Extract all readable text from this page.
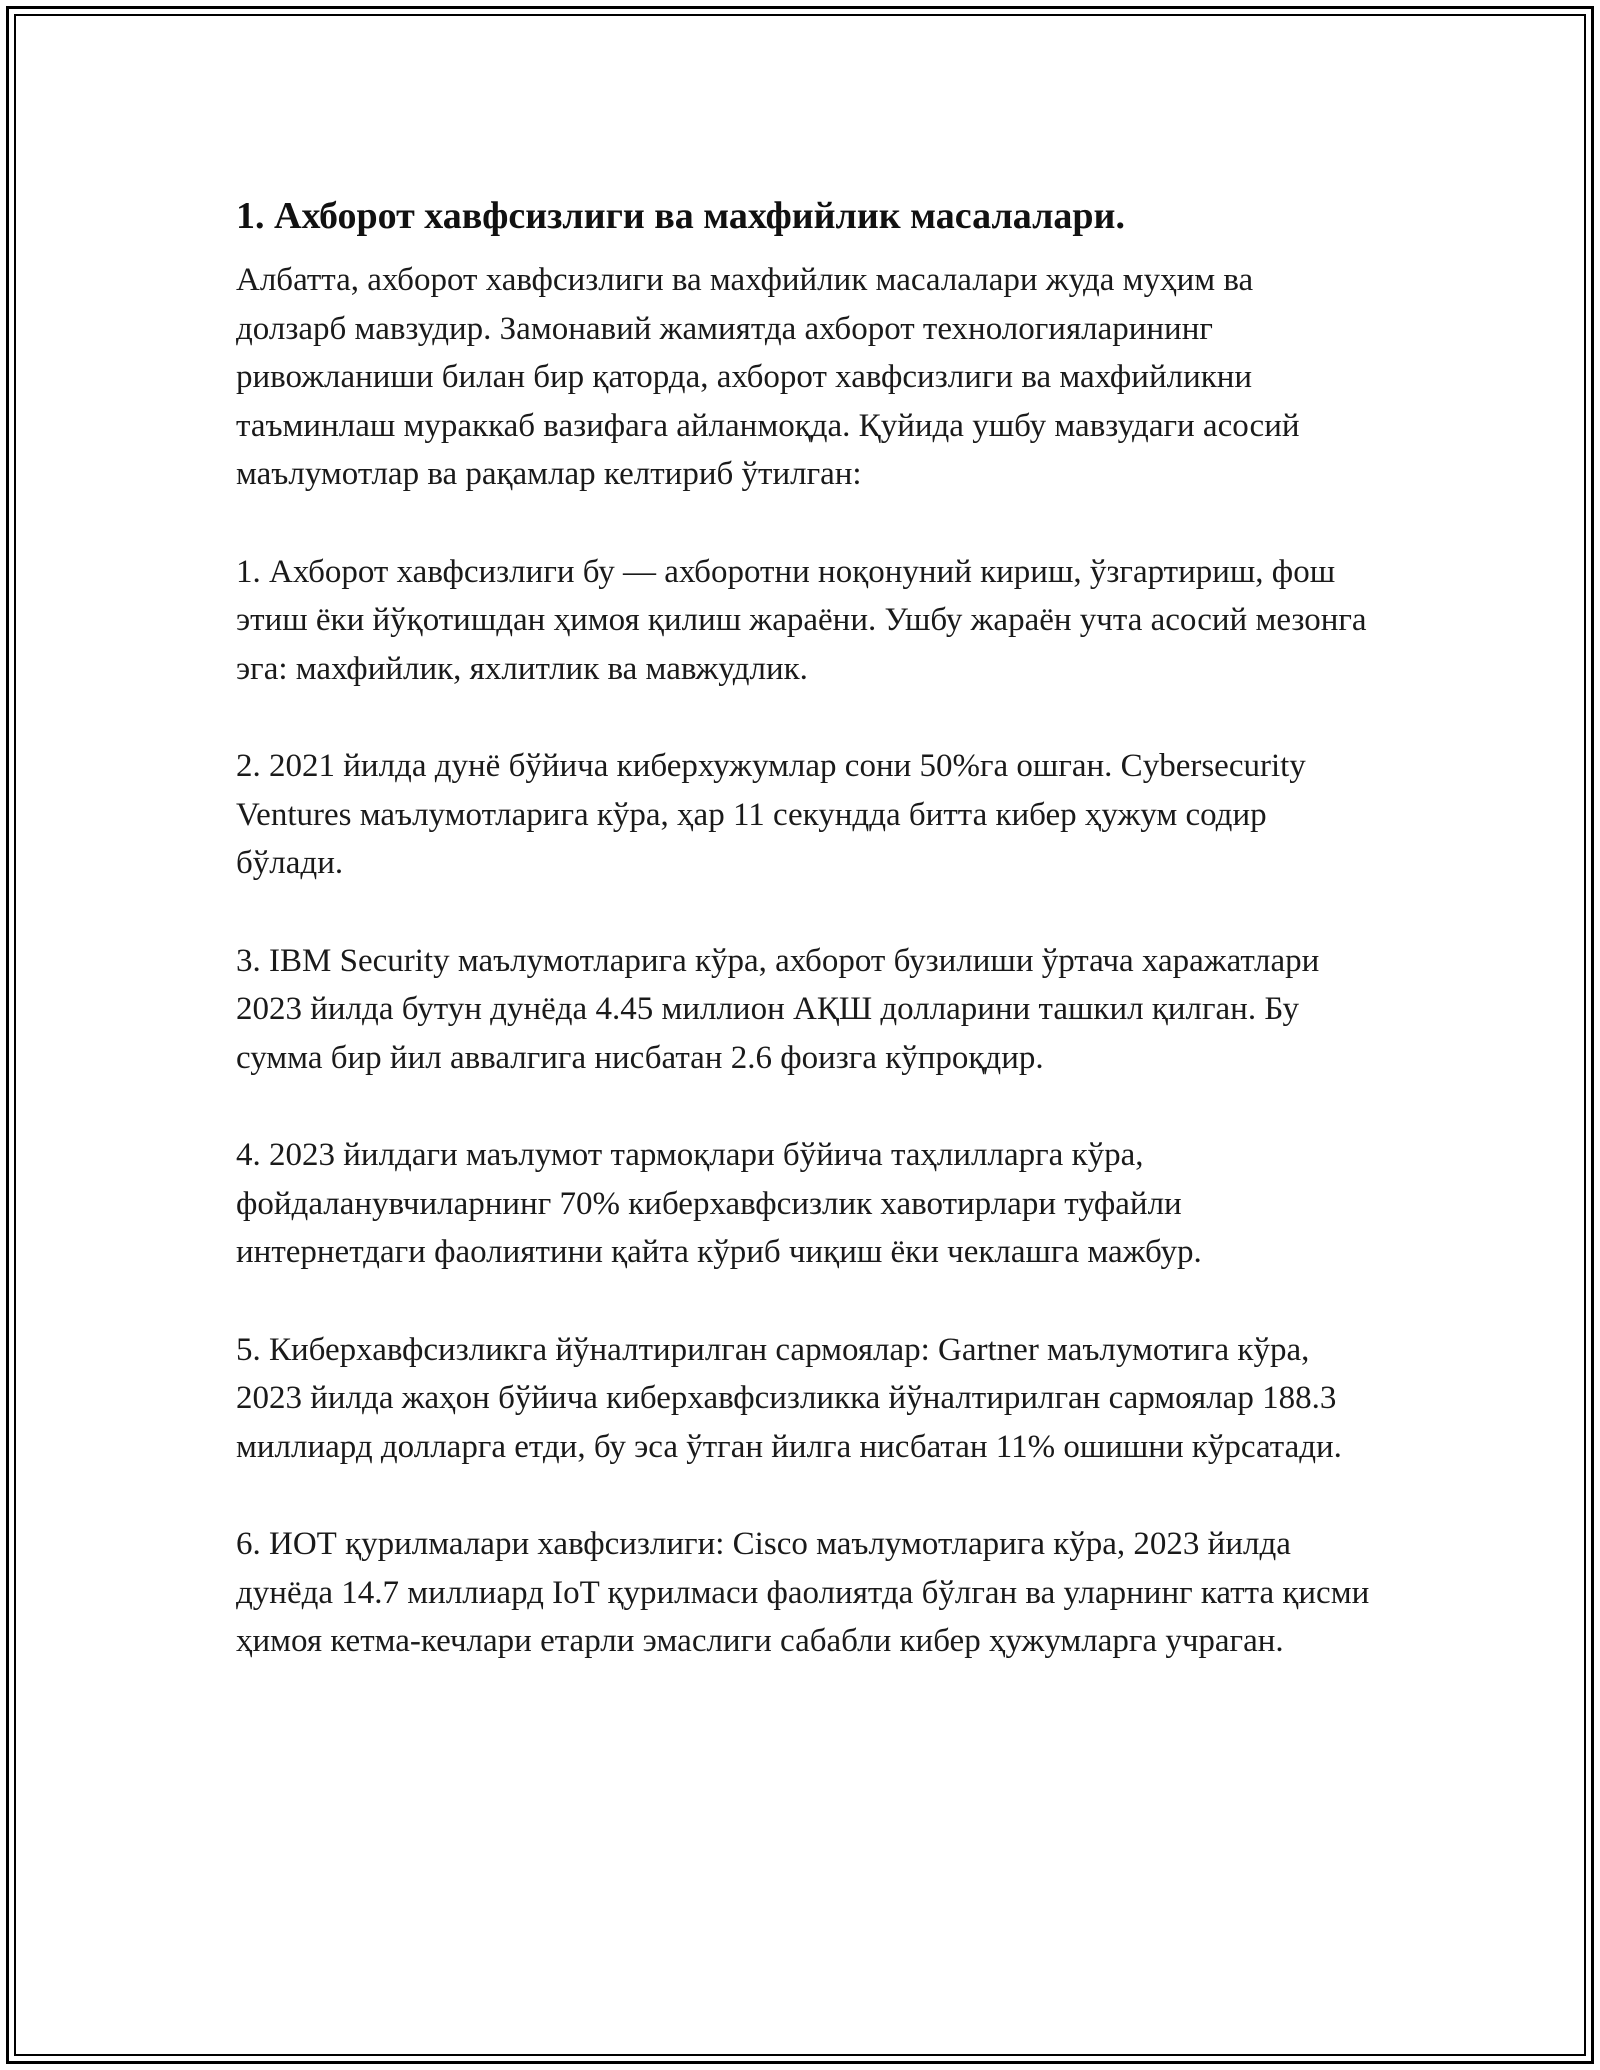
1. Ахборот хавфсизлиги ва махфийлик масалалари.

Албатта, ахборот хавфсизлиги ва махфийлик масалалари жуда муҳим ва долзарб мавзудир. Замонавий жамиятда ахборот технологияларининг ривожланиши билан бир қаторда, ахборот хавфсизлиги ва махфийликни таъминлаш мураккаб вазифага айланмоқда. Қуйида ушбу мавзудаги асосий маълумотлар ва рақамлар келтириб ўтилган:

1. Ахборот хавфсизлиги бу — ахборотни ноқонуний кириш, ўзгартириш, фош этиш ёки йўқотишдан ҳимоя қилиш жараёни. Ушбу жараён учта асосий мезонга эга: махфийлик, яхлитлик ва мавжудлик.

2. 2021 йилда дунё бўйича киберхужумлар сони 50%га ошган. Cybersecurity Ventures маълумотларига кўра, ҳар 11 секундда битта кибер ҳужум содир бўлади.

3. IBM Security маълумотларига кўра, ахборот бузилиши ўртача харажатлари 2023 йилда бутун дунёда 4.45 миллион АҚШ долларини ташкил қилган. Бу сумма бир йил аввалгига нисбатан 2.6 фоизга кўпроқдир.

4. 2023 йилдаги маълумот тармоқлари бўйича таҳлилларга кўра, фойдаланувчиларнинг 70% киберхавфсизлик хавотирлари туфайли интернетдаги фаолиятини қайта кўриб чиқиш ёки чеклашга мажбур.

5. Киберхавфсизликга йўналтирилган сармоялар: Gartner маълумотига кўра, 2023 йилда жаҳон бўйича киберхавфсизликка йўналтирилган сармоялар 188.3 миллиард долларга етди, бу эса ўтган йилга нисбатан 11% ошишни кўрсатади.

6. ИОТ қурилмалари хавфсизлиги: Cisco маълумотларига кўра, 2023 йилда дунёда 14.7 миллиард IoT қурилмаси фаолиятда бўлган ва уларнинг катта қисми ҳимоя кетма-кечлари етарли эмаслиги сабабли кибер ҳужумларга учраган.
